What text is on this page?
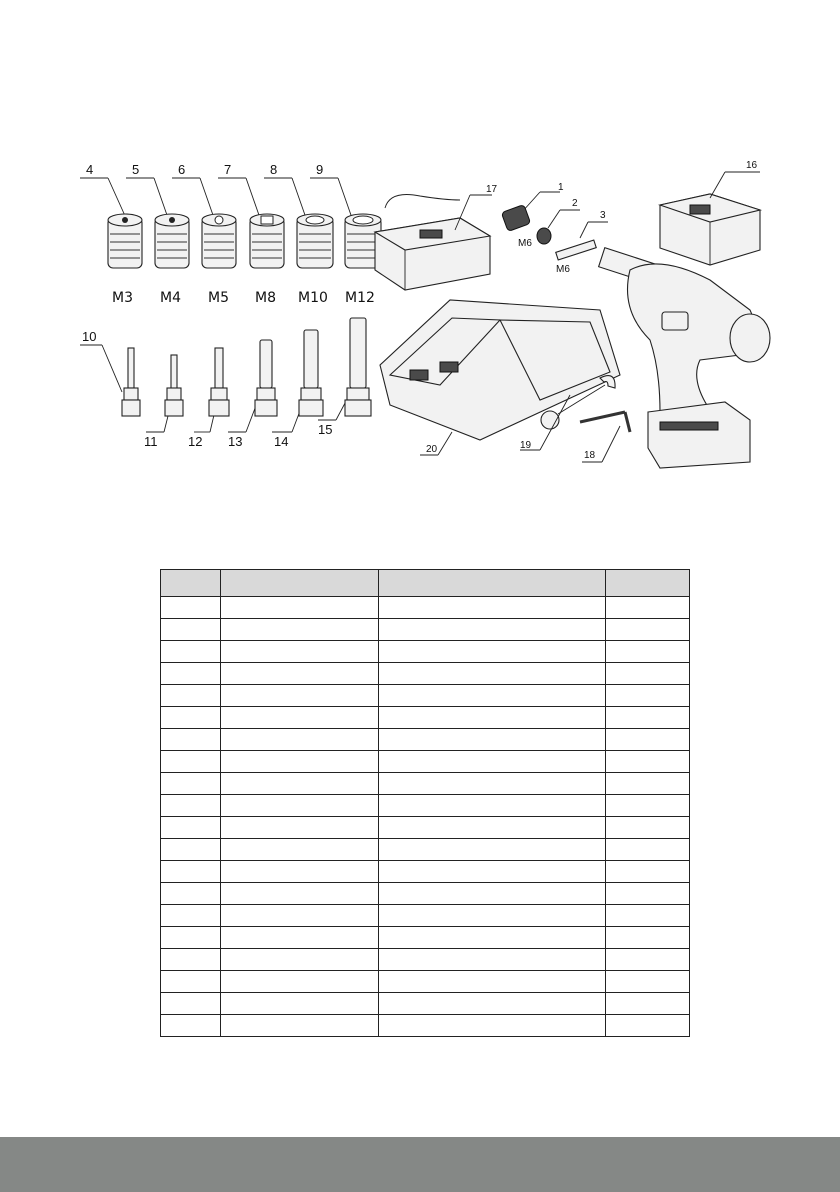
4	5	6	7	8	9
M3 M4 M5 M8 M10 M12
10
11 12 13 14
15
17	1
M6
2
3
M6
16
20	19
18
